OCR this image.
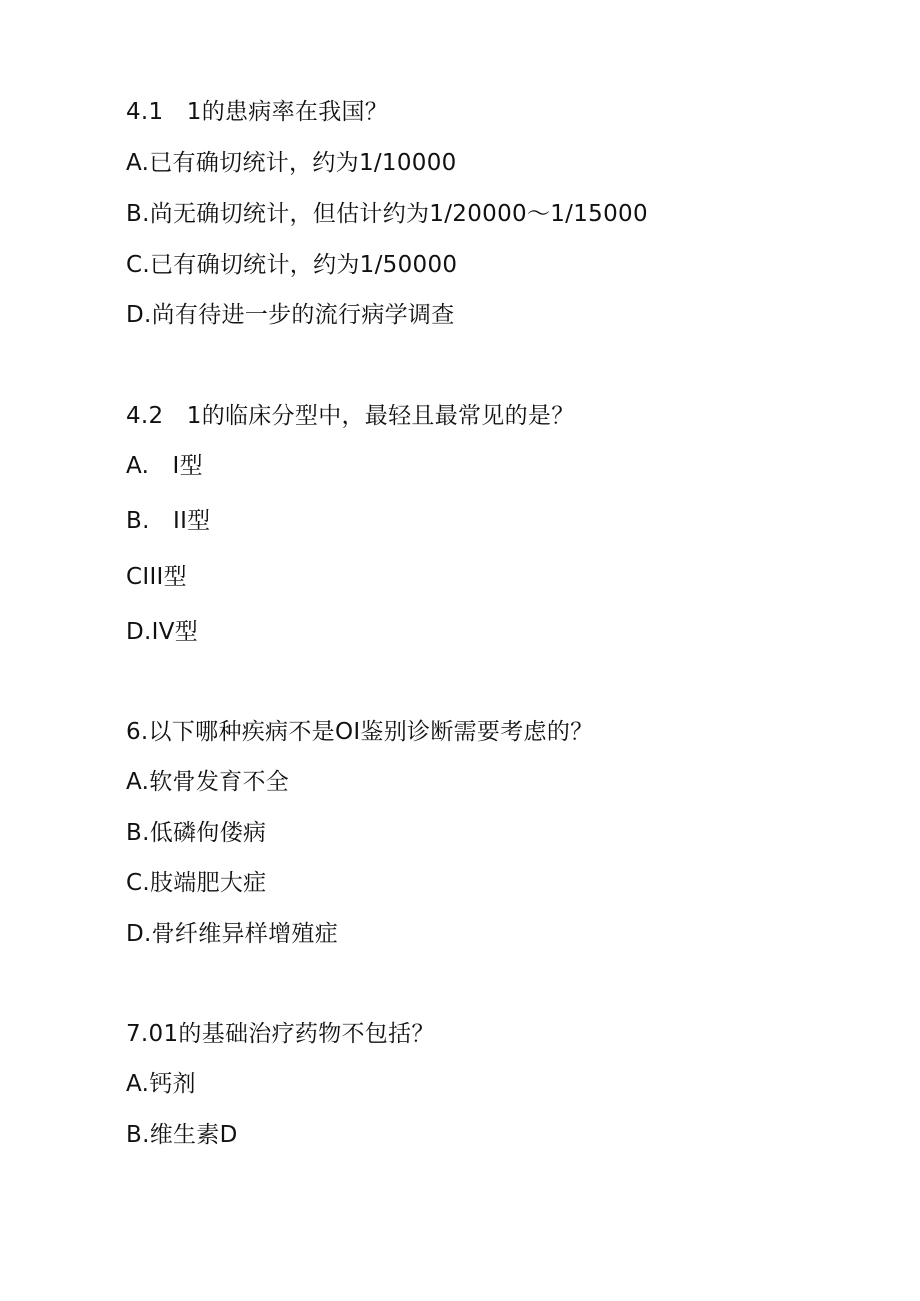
4.1　1的患病率在我国？
A.已有确切统计，约为1/10000
B.尚无确切统计，但估计约为1/20000～1/15000
C.已有确切统计，约为1/50000
D.尚有待进一步的流行病学调查
4.2　1的临床分型中，最轻且最常见的是？
A.　I型
B.　II型
CIII型
D.IV型
6.以下哪种疾病不是OI鉴别诊断需要考虑的？
A.软骨发育不全
B.低磷佝偻病
C.肢端肥大症
D.骨纤维异样增殖症
7.01的基础治疗药物不包括？
A.钙剂
B.维生素D
